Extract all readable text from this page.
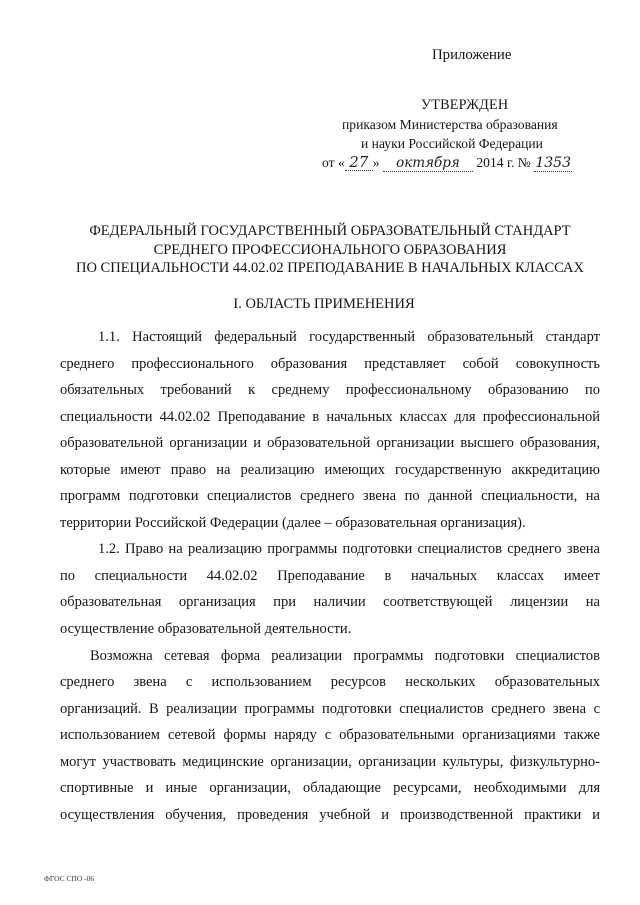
Приложение
УТВЕРЖДЕН
приказом Министерства образования
и науки Российской Федерации
от « 27 » октября 2014 г. № 1353
ФЕДЕРАЛЬНЫЙ ГОСУДАРСТВЕННЫЙ ОБРАЗОВАТЕЛЬНЫЙ СТАНДАРТ
СРЕДНЕГО ПРОФЕССИОНАЛЬНОГО ОБРАЗОВАНИЯ
ПО СПЕЦИАЛЬНОСТИ 44.02.02 ПРЕПОДАВАНИЕ В НАЧАЛЬНЫХ КЛАССАХ
I. ОБЛАСТЬ ПРИМЕНЕНИЯ
1.1. Настоящий федеральный государственный образовательный стандарт
среднего профессионального образования представляет собой совокупность
обязательных требований к среднему профессиональному образованию по
специальности 44.02.02 Преподавание в начальных классах для профессиональной
образовательной организации и образовательной организации высшего образования,
которые имеют право на реализацию имеющих государственную аккредитацию
программ подготовки специалистов среднего звена по данной специальности, на
территории Российской Федерации (далее – образовательная организация).
1.2. Право на реализацию программы подготовки специалистов среднего звена
по специальности 44.02.02 Преподавание в начальных классах имеет
образовательная организация при наличии соответствующей лицензии на
осуществление образовательной деятельности.
Возможна сетевая форма реализации программы подготовки специалистов
среднего звена с использованием ресурсов нескольких образовательных
организаций. В реализации программы подготовки специалистов среднего звена с
использованием сетевой формы наряду с образовательными организациями также
могут участвовать медицинские организации, организации культуры, физкультурно-
спортивные и иные организации, обладающие ресурсами, необходимыми для
осуществления обучения, проведения учебной и производственной практики и
ФГОС СПО -06
